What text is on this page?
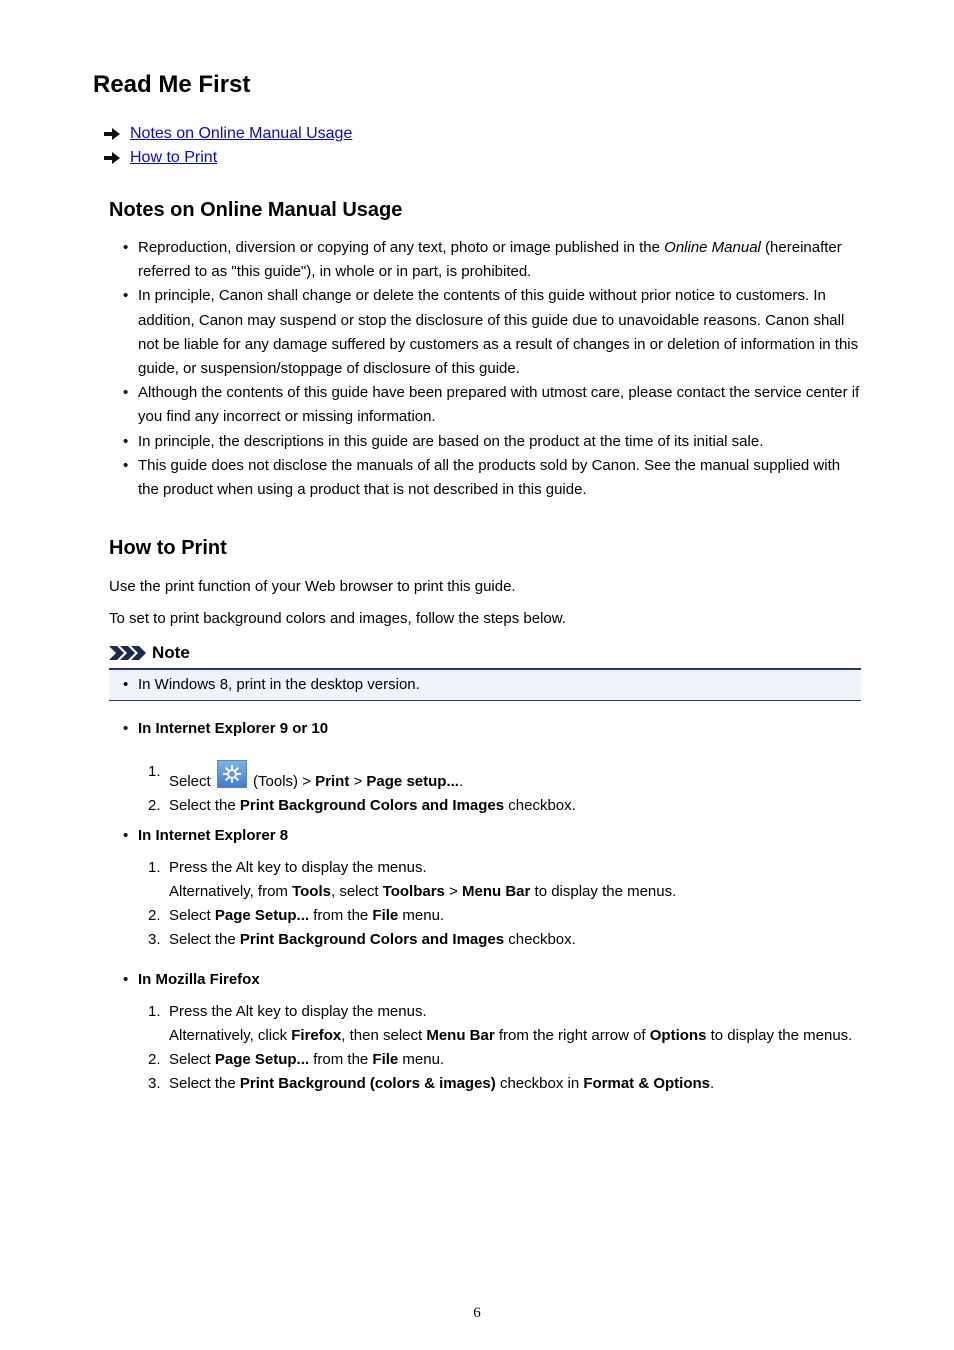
Read Me First
Notes on Online Manual Usage
How to Print
Notes on Online Manual Usage
• Reproduction, diversion or copying of any text, photo or image published in the Online Manual (hereinafter referred to as "this guide"), in whole or in part, is prohibited.
• In principle, Canon shall change or delete the contents of this guide without prior notice to customers. In addition, Canon may suspend or stop the disclosure of this guide due to unavoidable reasons. Canon shall not be liable for any damage suffered by customers as a result of changes in or deletion of information in this guide, or suspension/stoppage of disclosure of this guide.
• Although the contents of this guide have been prepared with utmost care, please contact the service center if you find any incorrect or missing information.
• In principle, the descriptions in this guide are based on the product at the time of its initial sale.
• This guide does not disclose the manuals of all the products sold by Canon. See the manual supplied with the product when using a product that is not described in this guide.
How to Print

Use the print function of your Web browser to print this guide.

To set to print background colors and images, follow the steps below.

Note
• In Windows 8, print in the desktop version.
• In Internet Explorer 9 or 10
1.
Select
(Tools) > Print > Page setup....
2. Select the Print Background Colors and Images checkbox.
• In Internet Explorer 8
1. Press the Alt key to display the menus.
Alternatively, from Tools, select Toolbars > Menu Bar to display the menus.
2. Select Page Setup... from the File menu.
3. Select the Print Background Colors and Images checkbox.
• In Mozilla Firefox
1. Press the Alt key to display the menus.
Alternatively, click Firefox, then select Menu Bar from the right arrow of Options to display the menus.
2. Select Page Setup... from the File menu.
3. Select the Print Background (colors & images) checkbox in Format & Options.
6
